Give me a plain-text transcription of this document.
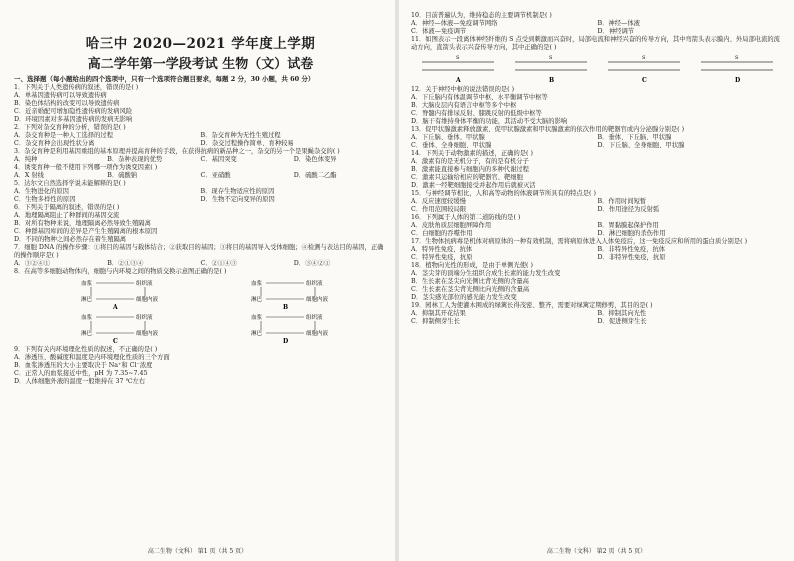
哈三中 2020—2021 学年度上学期
高二学年第一学段考试 生物（文）试卷
一、选择题（每小题给出的四个选项中，只有一个选项符合题目要求，每题 2 分，30 小题，共 60 分）
1．下列关于人类遗传病的叙述，错误的是( )
A．单基因遗传病可以导致遗传病
B．染色体结构的改变可以导致遗传病
C．近亲婚配可增加隐性遗传病的发病风险
D．环境因素对多基因遗传病的发病无影响
2．下列对杂交育种的分析，错误的是( )
A．杂交育种是一种人工选择的过程	B．杂交育种为无性生殖过程
C．杂交育种会出现性状分离	D．杂交过程操作简单、育种较易
3．杂交育种是利用基因重组的基本原理并提高育种的手段，在获得抗病的新品种之一，杂交的另一个是果蝇杂交的( )
A．纯种	B．杂种表现的优势	C．基因突变	D．染色体变异
4．诱变育种一般不使用下列哪一项作为诱变因素( )
A．X 射线	B．硫酸钠	C．亚硝酸	D．硫酸二乙酯
5．达尔文自然选择学说未能解释的是( )
A．生物进化的原因	B．现存生物适应性的原因
C．生物多样性的原因	D．生物不定向变异的原因
6．下列关于隔离的叙述，错误的是( )
A．地理隔离阻止了种群间的基因交流
B．对所有物种来说，地理隔离必然导致生殖隔离
C．种群基因库间的差异是产生生殖隔离的根本原因
D．不同的物种之间必然存在着生殖隔离
7．细胞 DNA 的操作步骤：①将目的基因与载体结合；②获取目的基因；③将目的基因导入受体细胞；④检测与表达目的基因，正确的操作顺序是( )
A．③②④①	B．②①③④	C．②①④③	D．③④②①
8．在高等多细胞动物体内，细胞与内环境之间的物质交换示意图正确的是( )
血浆	组织液
淋巴	细胞内液
A
血浆	组织液
淋巴	细胞内液
B
血浆	组织液
淋巴	细胞内液
C
血浆	组织液
淋巴	细胞内液
D
9．下列有关内环境理化性质的叙述，不正确的是( )
A．渗透压、酸碱度和温度是内环境理化性质的三个方面
B．血浆渗透压的大小主要取决于 Na⁺和 Cl⁻浓度
C．正常人的血浆接近中性，pH 为 7.35~7.45
D．人体细胞外液的温度一般维持在 37 ℃左右
高二生物（文科） 第1 页（共 5 页）
10．目前普遍认为，维持稳态的主要调节机制是( )
A．神经—体液—免疫调节网络	B．神经—体液
C．体液—免疫调节	D．神经调节
11．如图表示一段离体神经纤维的 S 点受到刺激而兴奋时，局部电流和神经兴奋的传导方向，其中弯箭头表示膜内、外局部电流的流动方向，直箭头表示兴奋传导方向，其中正确的是( )
S
A
S
B
S
C
S
D
12．关于神经中枢的说法错误的是( )
A．下丘脑内有体温调节中枢、水平衡调节中枢等
B．大脑皮层内有语言中枢等多个中枢
C．脊髓内有排尿反射、膝跳反射的低级中枢等
D．脑干有维持身体平衡的功能，其活动不受大脑的影响
13．促甲状腺激素释放激素、促甲状腺激素和甲状腺激素的依次作用的靶器官或内分泌腺分别是( )
A．下丘脑、垂体、甲状腺	B．垂体、下丘脑、甲状腺
C．垂体、全身细胞、甲状腺	D．下丘脑、全身细胞、甲状腺
14．下列关于动物激素的描述，正确的是( )
A．激素有的是无机分子，有的是有机分子
B．激素能直接参与细胞内的多种代谢过程
C．激素只运输给相应的靶器官、靶细胞
D．激素一经靶细胞接受并起作用后就被灭活
15．与神经调节相比，人和高等动物的体液调节所具有的特点是( )
A．反应速度较缓慢	B．作用时间短暂
C．作用范围较局限	D．作用途径为反射弧
16．下列属于人体的第二道防线的是( )
A．皮肤角质层细胞屏障作用	B．胃黏膜起保护作用
C．白细胞的吞噬作用	D．淋巴细胞的杀伤作用
17．生物体抗病毒是机体对病原体的一种有效机制，需将病原体进入人体免疫后，这一免疫反应和所用的蛋白质分别是( )
A．特异性免疫，抗体	B．非特异性免疫，抗体
C．特异性免疫，抗原	D．非特异性免疫，抗原
18．植物向光性的形成，是由于单侧光使( )
A．茎尖芽的顶端分生组织合成生长素的能力发生改变
B．生长素在茎尖向光侧比背光侧的含量高
C．生长素在茎尖背光侧比向光侧的含量高
D．茎尖感光部位的感光能力发生改变
19．园林工人为使灌木围成的绿篱长得茂密、整齐，需要对绿篱定期修剪，其目的是( )
A．抑制其开花结果	B．抑制其向光性
C．抑制侧芽生长	D．促进侧芽生长
高二生物（文科） 第2 页（共 5 页）
